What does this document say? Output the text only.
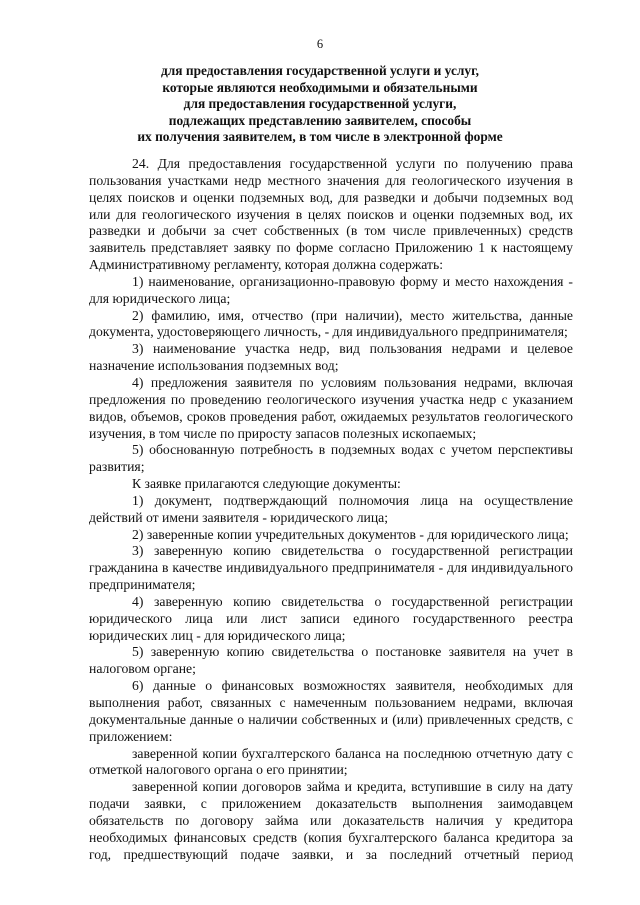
6
для предоставления государственной услуги и услуг,
которые являются необходимыми и обязательными
для предоставления государственной услуги,
подлежащих представлению заявителем, способы
их получения заявителем, в том числе в электронной форме

24. Для предоставления государственной услуги по получению права пользования участками недр местного значения для геологического изучения в целях поисков и оценки подземных вод, для разведки и добычи подземных вод или для геологического изучения в целях поисков и оценки подземных вод, их разведки и добычи за счет собственных (в том числе привлеченных) средств заявитель представляет заявку по форме согласно Приложению 1 к настоящему Административному регламенту, которая должна содержать:

1) наименование, организационно-правовую форму и место нахождения - для юридического лица;

2) фамилию, имя, отчество (при наличии), место жительства, данные документа, удостоверяющего личность, - для индивидуального предпринимателя;

3) наименование участка недр, вид пользования недрами и целевое назначение использования подземных вод;

4) предложения заявителя по условиям пользования недрами, включая предложения по проведению геологического изучения участка недр с указанием видов, объемов, сроков проведения работ, ожидаемых результатов геологического изучения, в том числе по приросту запасов полезных ископаемых;

5) обоснованную потребность в подземных водах с учетом перспективы развития;

К заявке прилагаются следующие документы:

1) документ, подтверждающий полномочия лица на осуществление действий от имени заявителя - юридического лица;

2) заверенные копии учредительных документов - для юридического лица;

3) заверенную копию свидетельства о государственной регистрации гражданина в качестве индивидуального предпринимателя - для индивидуального предпринимателя;

4) заверенную копию свидетельства о государственной регистрации юридического лица или лист записи единого государственного реестра юридических лиц - для юридического лица;

5) заверенную копию свидетельства о постановке заявителя на учет в налоговом органе;

6) данные о финансовых возможностях заявителя, необходимых для выполнения работ, связанных с намеченным пользованием недрами, включая документальные данные о наличии собственных и (или) привлеченных средств, с приложением:

заверенной копии бухгалтерского баланса на последнюю отчетную дату с отметкой налогового органа о его принятии;

заверенной копии договоров займа и кредита, вступившие в силу на дату подачи заявки, с приложением доказательств выполнения заимодавцем обязательств по договору займа или доказательств наличия у кредитора необходимых финансовых средств (копия бухгалтерского баланса кредитора за год, предшествующий подаче заявки, и за последний отчетный период
